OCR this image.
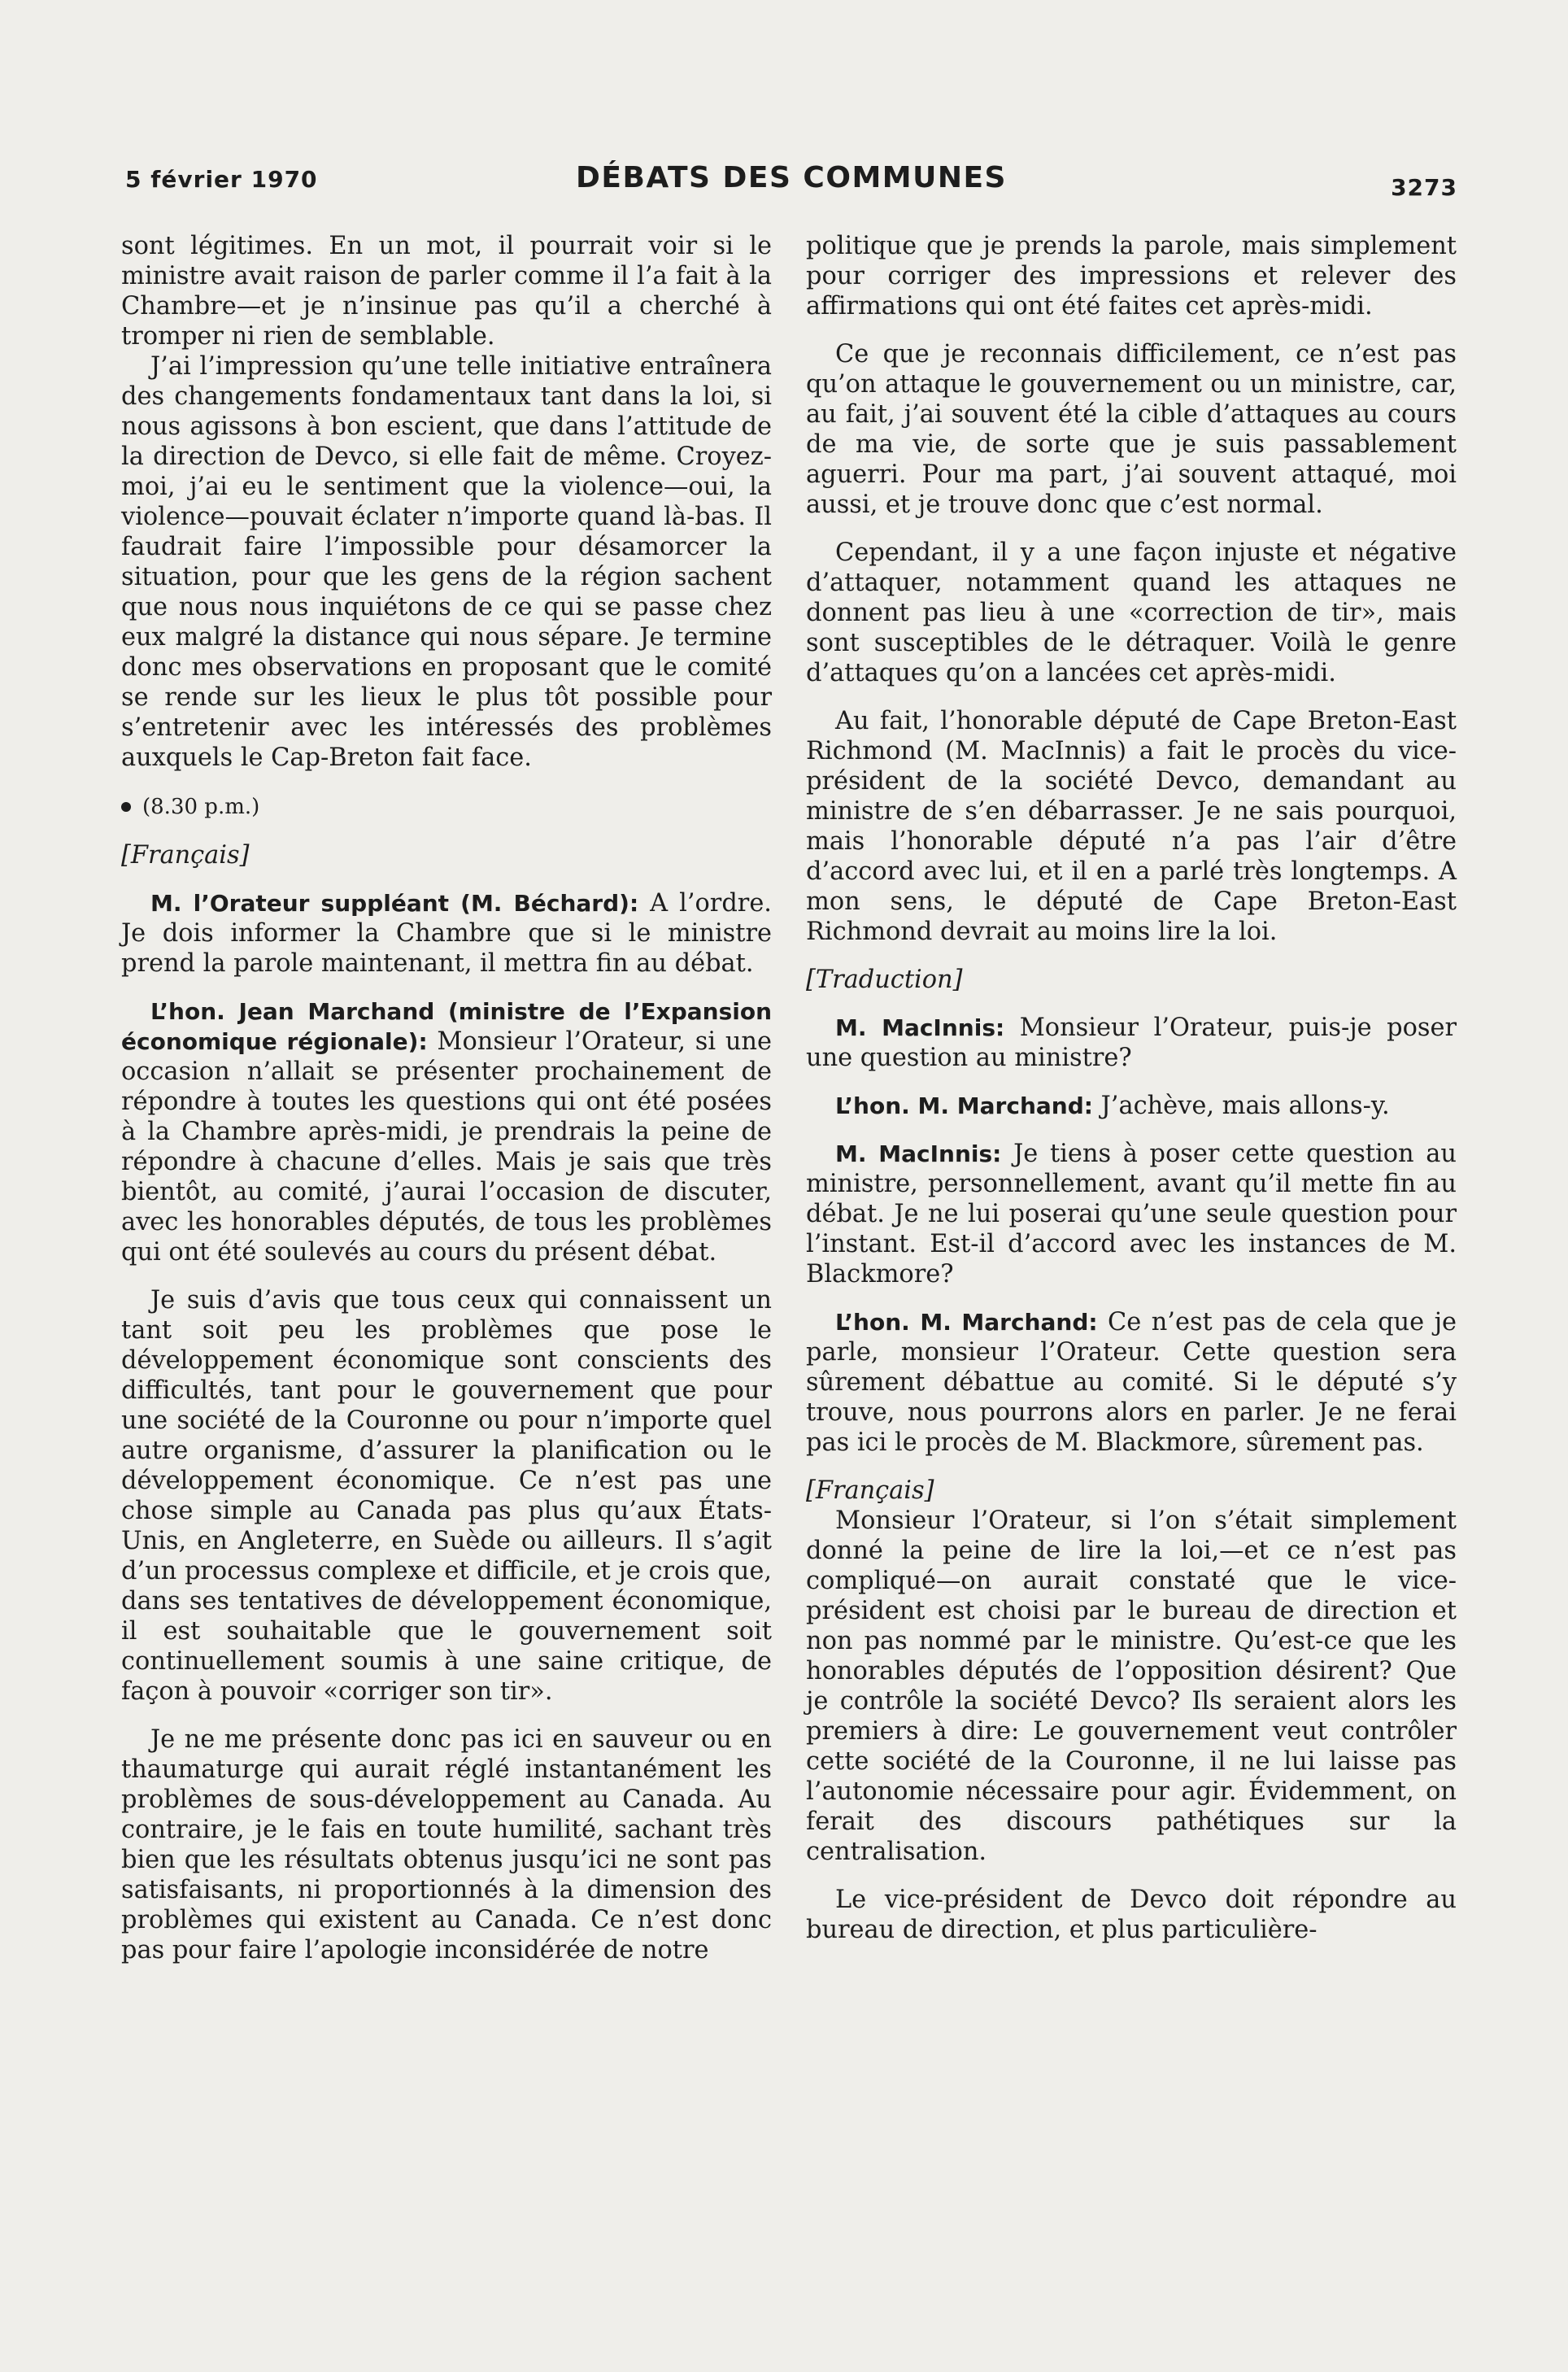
5 février 1970	DÉBATS DES COMMUNES	3273

sont légitimes. En un mot, il pourrait voir si le ministre avait raison de parler comme il l’a fait à la Chambre—et je n’insinue pas qu’il a cherché à tromper ni rien de semblable.

J’ai l’impression qu’une telle initiative entraînera des changements fondamentaux tant dans la loi, si nous agissons à bon escient, que dans l’attitude de la direction de Devco, si elle fait de même. Croyez-moi, j’ai eu le sentiment que la violence—oui, la violence—pouvait éclater n’importe quand là-bas. Il faudrait faire l’impossible pour désamorcer la situation, pour que les gens de la région sachent que nous nous inquiétons de ce qui se passe chez eux malgré la distance qui nous sépare. Je termine donc mes observations en proposant que le comité se rende sur les lieux le plus tôt possible pour s’entretenir avec les intéressés des problèmes auxquels le Cap-Breton fait face.

(8.30 p.m.)

[Français]

M. l’Orateur suppléant (M. Béchard): A l’ordre. Je dois informer la Chambre que si le ministre prend la parole maintenant, il mettra fin au débat.

L’hon. Jean Marchand (ministre de l’Expansion économique régionale): Monsieur l’Orateur, si une occasion n’allait se présenter prochainement de répondre à toutes les questions qui ont été posées à la Chambre après-midi, je prendrais la peine de répondre à chacune d’elles. Mais je sais que très bientôt, au comité, j’aurai l’occasion de discuter, avec les honorables députés, de tous les problèmes qui ont été soulevés au cours du présent débat.

Je suis d’avis que tous ceux qui connaissent un tant soit peu les problèmes que pose le développement économique sont conscients des difficultés, tant pour le gouvernement que pour une société de la Couronne ou pour n’importe quel autre organisme, d’assurer la planification ou le développement économique. Ce n’est pas une chose simple au Canada pas plus qu’aux États-Unis, en Angleterre, en Suède ou ailleurs. Il s’agit d’un processus complexe et difficile, et je crois que, dans ses tentatives de développement économique, il est souhaitable que le gouvernement soit continuellement soumis à une saine critique, de façon à pouvoir «corriger son tir».

Je ne me présente donc pas ici en sauveur ou en thaumaturge qui aurait réglé instantanément les problèmes de sous-développement au Canada. Au contraire, je le fais en toute humilité, sachant très bien que les résultats obtenus jusqu’ici ne sont pas satisfaisants, ni proportionnés à la dimension des problèmes qui existent au Canada. Ce n’est donc pas pour faire l’apologie inconsidérée de notre

politique que je prends la parole, mais simplement pour corriger des impressions et relever des affirmations qui ont été faites cet après-midi.

Ce que je reconnais difficilement, ce n’est pas qu’on attaque le gouvernement ou un ministre, car, au fait, j’ai souvent été la cible d’attaques au cours de ma vie, de sorte que je suis passablement aguerri. Pour ma part, j’ai souvent attaqué, moi aussi, et je trouve donc que c’est normal.

Cependant, il y a une façon injuste et négative d’attaquer, notamment quand les attaques ne donnent pas lieu à une «correction de tir», mais sont susceptibles de le détraquer. Voilà le genre d’attaques qu’on a lancées cet après-midi.

Au fait, l’honorable député de Cape Breton-East Richmond (M. MacInnis) a fait le procès du vice-président de la société Devco, demandant au ministre de s’en débarrasser. Je ne sais pourquoi, mais l’honorable député n’a pas l’air d’être d’accord avec lui, et il en a parlé très longtemps. A mon sens, le député de Cape Breton-East Richmond devrait au moins lire la loi.

[Traduction]

M. MacInnis: Monsieur l’Orateur, puis-je poser une question au ministre?

L’hon. M. Marchand: J’achève, mais allons-y.

M. MacInnis: Je tiens à poser cette question au ministre, personnellement, avant qu’il mette fin au débat. Je ne lui poserai qu’une seule question pour l’instant. Est-il d’accord avec les instances de M. Blackmore?

L’hon. M. Marchand: Ce n’est pas de cela que je parle, monsieur l’Orateur. Cette question sera sûrement débattue au comité. Si le député s’y trouve, nous pourrons alors en parler. Je ne ferai pas ici le procès de M. Blackmore, sûrement pas.

[Français]

Monsieur l’Orateur, si l’on s’était simplement donné la peine de lire la loi,—et ce n’est pas compliqué—on aurait constaté que le vice-président est choisi par le bureau de direction et non pas nommé par le ministre. Qu’est-ce que les honorables députés de l’opposition désirent? Que je contrôle la société Devco? Ils seraient alors les premiers à dire: Le gouvernement veut contrôler cette société de la Couronne, il ne lui laisse pas l’autonomie nécessaire pour agir. Évidemment, on ferait des discours pathétiques sur la centralisation.

Le vice-président de Devco doit répondre au bureau de direction, et plus particulière-
